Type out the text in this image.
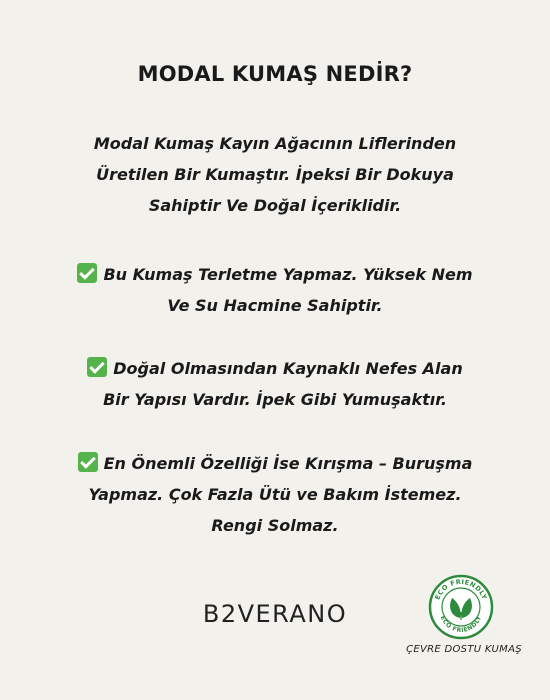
MODAL KUMAŞ NEDİR?
Modal Kumaş Kayın Ağacının Liflerinden
Üretilen Bir Kumaştır. İpeksi Bir Dokuya
Sahiptir Ve Doğal İçeriklidir.
Bu Kumaş Terletme Yapmaz. Yüksek Nem
Ve Su Hacmine Sahiptir.
Doğal Olmasından Kaynaklı Nefes Alan
Bir Yapısı Vardır. İpek Gibi Yumuşaktır.
En Önemli Özelliği İse Kırışma – Buruşma
Yapmaz. Çok Fazla Ütü ve Bakım İstemez.
Rengi Solmaz.
B2VERANO
ECO FRIENDLY
ECO FRIENDLY
ÇEVRE DOSTU KUMAŞ
